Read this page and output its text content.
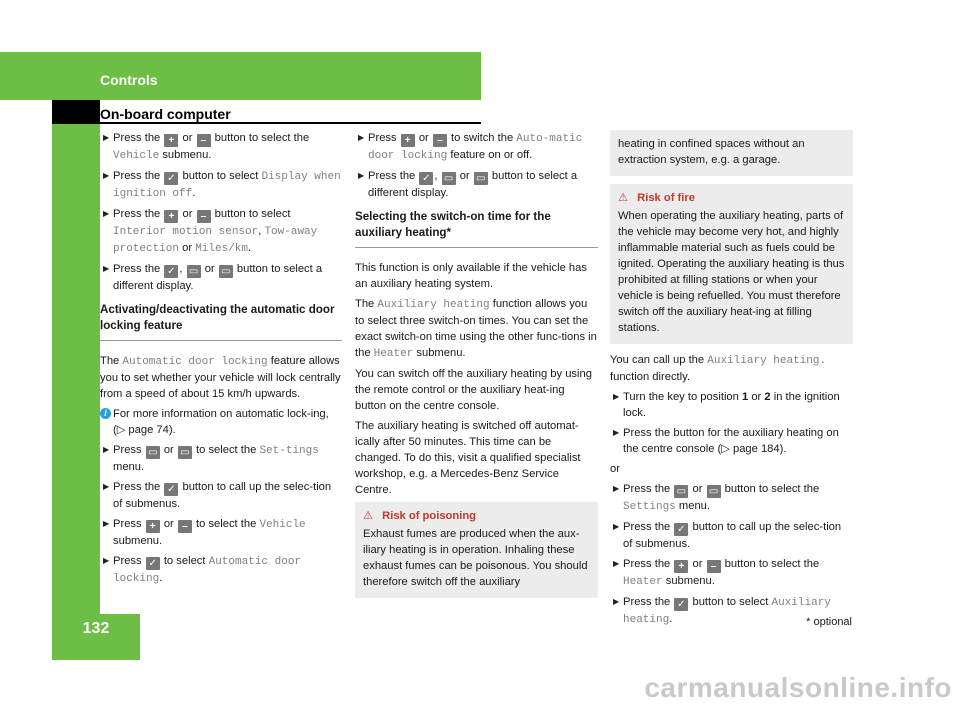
Controls
On-board computer
132
▶ Press the + or – button to select the Vehicle submenu.
▶ Press the ✓ button to select Display when ignition off.
▶ Press the + or – button to select Interior motion sensor, Tow-away protection or Miles/km.
▶ Press the ✓ , ▭ or ▭ button to select a different display.
Activating/deactivating the automatic door locking feature

The Automatic door locking feature allows you to set whether your vehicle will lock centrally from a speed of about 15 km/h upwards.

i For more information on automatic lock-ing, (▷ page 74).
▶ Press ▭ or ▭ to select the Set-tings menu.
▶ Press the ✓ button to call up the selec-tion of submenus.
▶ Press + or – to select the Vehicle submenu.
▶ Press ✓ to select Automatic door locking.
▶ Press + or – to switch the Auto-matic door locking feature on or off.
▶ Press the ✓ , ▭ or ▭ button to select a different display.
Selecting the switch-on time for the auxiliary heating*

This function is only available if the vehicle has an auxiliary heating system.

The Auxiliary heating function allows you to select three switch-on times. You can set the exact switch-on time using the other func-tions in the Heater submenu.

You can switch off the auxiliary heating by using the remote control or the auxiliary heat-ing button on the centre console.

The auxiliary heating is switched off automat-ically after 50 minutes. This time can be changed. To do this, visit a qualified specialist workshop, e.g. a Mercedes-Benz Service Centre.

⚠ Risk of poisoning
Exhaust fumes are produced when the aux-iliary heating is in operation. Inhaling these exhaust fumes can be poisonous. You should therefore switch off the auxiliary
heating in confined spaces without an extraction system, e.g. a garage.
⚠ Risk of fire
When operating the auxiliary heating, parts of the vehicle may become very hot, and highly inflammable material such as fuels could be ignited. Operating the auxiliary heating is thus prohibited at filling stations or when your vehicle is being refuelled. You must therefore switch off the auxiliary heat-ing at filling stations.

You can call up the Auxiliary heating. function directly.

▶ Turn the key to position 1 or 2 in the ignition lock.
▶ Press the button for the auxiliary heating on the centre console (▷ page 184).

or

▶ Press the ▭ or ▭ button to select the Settings menu.
▶ Press the ✓ button to call up the selec-tion of submenus.
▶ Press the + or – button to select the Heater submenu.
▶ Press the ✓ button to select Auxiliary heating.	* optional
carmanualsonline.info
